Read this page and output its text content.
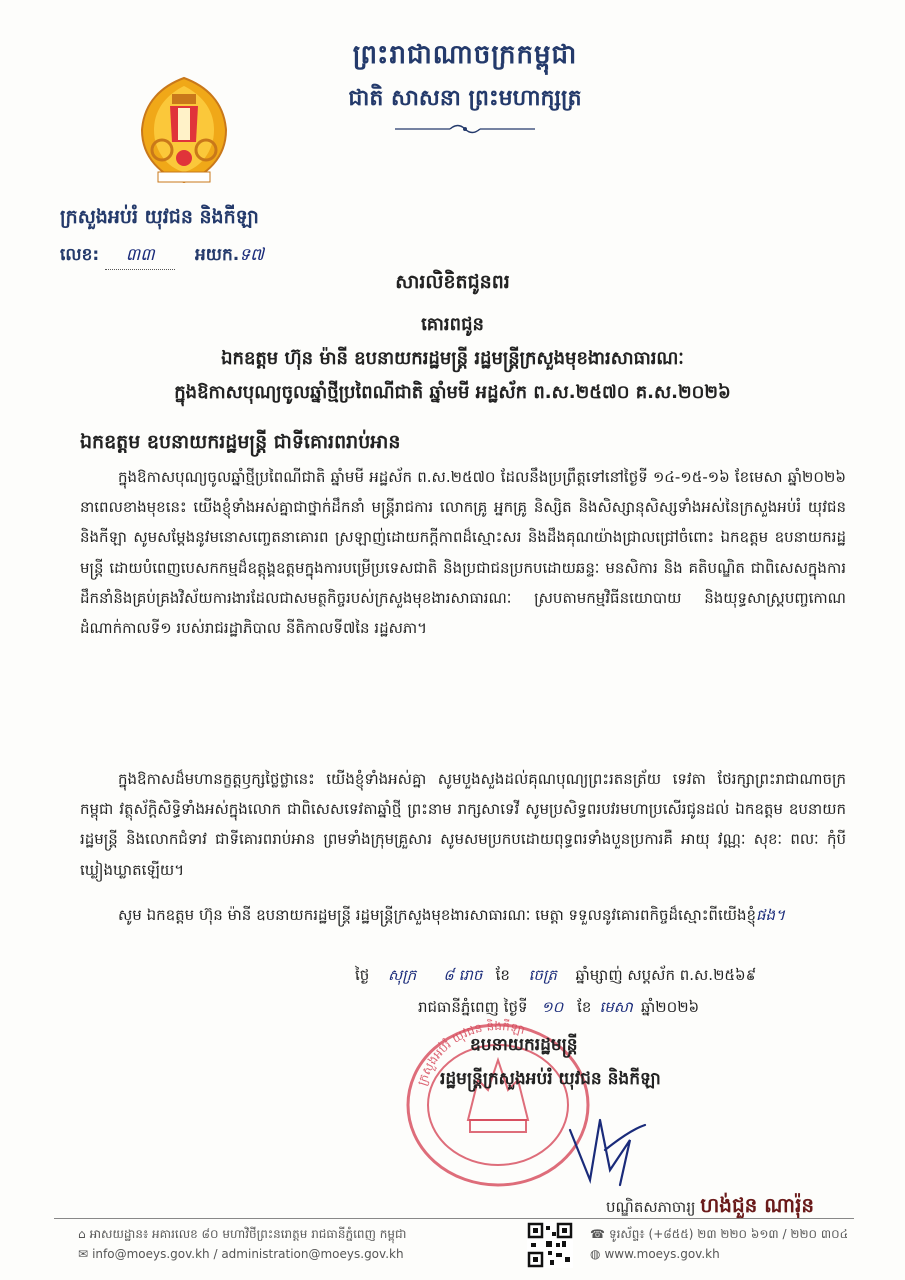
ព្រះរាជាណាចក្រកម្ពុជា
ជាតិ សាសនា ព្រះមហាក្សត្រ
ក្រសួងអប់រំ យុវជន និងកីឡា
លេខ: ៣៣ អយក.ទ៧
សារលិខិតជូនពរ
គោរពជូន
ឯកឧត្តម ហ៊ុន ម៉ានី ឧបនាយករដ្ឋមន្ត្រី រដ្ឋមន្ត្រីក្រសួងមុខងារសាធារណៈ
ក្នុងឱកាសបុណ្យចូលឆ្នាំថ្មីប្រពៃណីជាតិ ឆ្នាំមមី អដ្ឋស័ក ព.ស.២៥៧០ គ.ស.២០២៦
ឯកឧត្តម ឧបនាយករដ្ឋមន្ត្រី ជាទីគោរពរាប់អាន
ក្នុងឱកាសបុណ្យចូលឆ្នាំថ្មីប្រពៃណីជាតិ ឆ្នាំមមី អដ្ឋស័ក ព.ស.២៥៧០ ដែលនឹងប្រព្រឹត្តទៅនៅថ្ងៃទី ១៤-១៥-១៦ ខែមេសា ឆ្នាំ២០២៦ នាពេលខាងមុខនេះ យើងខ្ញុំទាំងអស់គ្នាជាថ្នាក់ដឹកនាំ មន្ត្រីរាជការ លោកគ្រូ អ្នកគ្រូ និស្សិត និងសិស្សានុសិស្សទាំងអស់នៃក្រសួងអប់រំ យុវជន និងកីឡា សូមសម្តែងនូវមនោសញ្ចេតនាគោរព ស្រឡាញ់ដោយកក្តីកាពដ៏ស្មោះសរ និងដឹងគុណយ៉ាងជ្រាលជ្រៅចំពោះ ឯកឧត្តម ឧបនាយករដ្ឋមន្ត្រី ដោយបំពេញបេសកកម្មដ៏ឧត្តុង្គឧត្តមក្នុងការបម្រើប្រទេសជាតិ និងប្រជាជនប្រកបដោយឆន្ទៈ មនសិការ និង គតិបណ្ឌិត ជាពិសេសក្នុងការដឹកនាំនិងគ្រប់គ្រងវិស័យការងារដែលជាសមត្ថកិច្ចរបស់ក្រសួងមុខងារសាធារណៈ ស្របតាមកម្មវិធីនយោបាយ និងយុទ្ធសាស្ត្របញ្ចកោណ ដំណាក់កាលទី១ របស់រាជរដ្ឋាភិបាល នីតិកាលទី៧នៃ រដ្ឋសភា។
ក្នុងឱកាសដ៏មហានក្ខត្តឫក្សថ្លៃថ្លានេះ យើងខ្ញុំទាំងអស់គ្នា សូមបួងសួងដល់គុណបុណ្យព្រះរតនត្រ័យ ទេវតា ថែរក្សាព្រះរាជាណាចក្រកម្ពុជា វត្ថុស័ក្តិសិទ្ធិទាំងអស់ក្នុងលោក ជាពិសេសទេវតាឆ្នាំថ្មី ព្រះនាម រាក្សសាទេវី សូមប្រសិទ្ធពរបវរមហាប្រសើរជូនដល់ ឯកឧត្តម ឧបនាយករដ្ឋមន្ត្រី និងលោកជំទាវ ជាទីគោរពរាប់អាន ព្រមទាំងក្រុមគ្រួសារ សូមសមប្រកបដោយពុទ្ធពរទាំងបួនប្រការគឺ អាយុ វណ្ណៈ សុខៈ ពលៈ កុំបីឃ្លៀងឃ្លាតឡើយ។
សូម ឯកឧត្តម ហ៊ុន ម៉ានី ឧបនាយករដ្ឋមន្ត្រី រដ្ឋមន្ត្រីក្រសួងមុខងារសាធារណៈ មេត្តា ទទួលនូវគោរពកិច្ចដ៏ស្មោះពីយើងខ្ញុំផង។
ថ្ងៃ សុក្រ ៨ រោច ខែ ចេត្រ ឆ្នាំម្សាញ់ សប្តស័ក ព.ស.២៥៦៩
រាជធានីភ្នំពេញ ថ្ងៃទី ១០ ខែ មេសា ឆ្នាំ២០២៦
ក្រសួងអប់រំ យុវជន និងកីឡា
ឧបនាយករដ្ឋមន្ត្រី
រដ្ឋមន្ត្រីក្រសួងអប់រំ យុវជន និងកីឡា
បណ្ឌិតសភាចារ្យ ហង់ជួន ណារ៉ុន
⌂ អាសយដ្ឋាន៖ អគារលេខ ៨០ មហាវិថីព្រះនរោត្តម រាជធានីភ្នំពេញ កម្ពុជា
✉ info@moeys.gov.kh / administration@moeys.gov.kh
☎ ទូរស័ព្ទ៖ (+៨៥៥) ២៣ ២២០ ៦១៣ / ២២០ ៣០៤
◍ www.moeys.gov.kh
